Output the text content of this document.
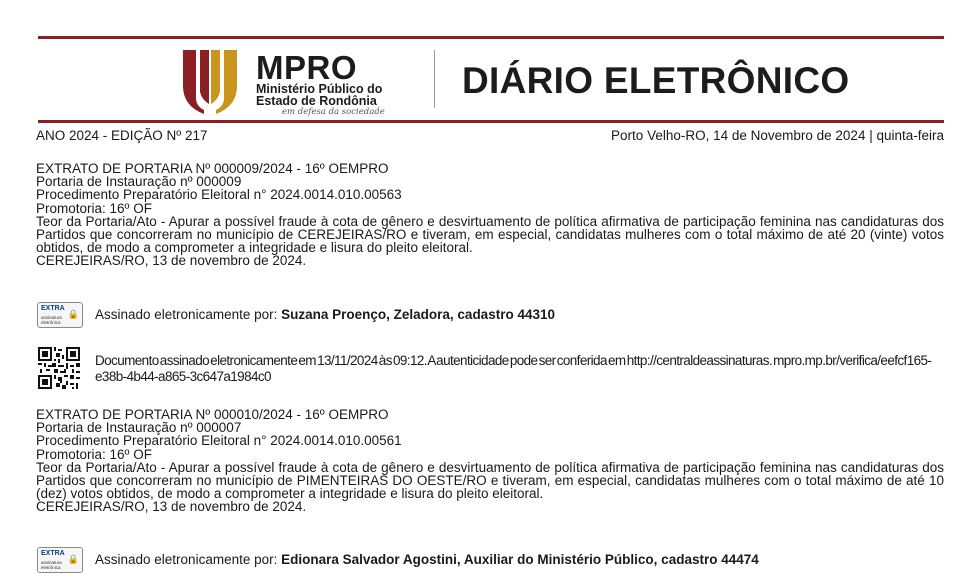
MPRO
Ministério Público do
Estado de Rondônia
em defesa da sociedade
DIÁRIO ELETRÔNICO
ANO 2024 - EDIÇÃO Nº 217	Porto Velho-RO, 14 de Novembro de 2024 | quinta-feira

EXTRATO DE PORTARIA Nº 000009/2024 - 16º OEMPRO

Portaria de Instauração nº 000009

Procedimento Preparatório Eleitoral n° 2024.0014.010.00563

Promotoria: 16º OF

Teor da Portaria/Ato - Apurar a possível fraude à cota de gênero e desvirtuamento de política afirmativa de participação feminina nas candidaturas dos Partidos que concorreram no município de CEREJEIRAS/RO e tiveram, em especial, candidatas mulheres com o total máximo de até 20 (vinte) votos obtidos, de modo a comprometer a integridade e lisura do pleito eleitoral.

CEREJEIRAS/RO, 13 de novembro de 2024.

EXTRA
assinatura eletrônica
🔒 Assinado eletronicamente por: Suzana Proenço, Zeladora, cadastro 44310
Documento assinado eletronicamente em 13/11/2024 às 09:12. A autenticidade pode ser conferida em http://centraldeassinaturas. mpro.mp.br/verifica/eefcf165-e38b-4b44-a865-3c647a1984c0

EXTRATO DE PORTARIA Nº 000010/2024 - 16º OEMPRO

Portaria de Instauração nº 000007

Procedimento Preparatório Eleitoral n° 2024.0014.010.00561

Promotoria: 16º OF

Teor da Portaria/Ato - Apurar a possível fraude à cota de gênero e desvirtuamento de política afirmativa de participação feminina nas candidaturas dos Partidos que concorreram no município de PIMENTEIRAS DO OESTE/RO e tiveram, em especial, candidatas mulheres com o total máximo de até 10 (dez) votos obtidos, de modo a comprometer a integridade e lisura do pleito eleitoral.

CEREJEIRAS/RO, 13 de novembro de 2024.

EXTRA
assinatura eletrônica
🔒 Assinado eletronicamente por: Edionara Salvador Agostini, Auxiliar do Ministério Público, cadastro 44474
